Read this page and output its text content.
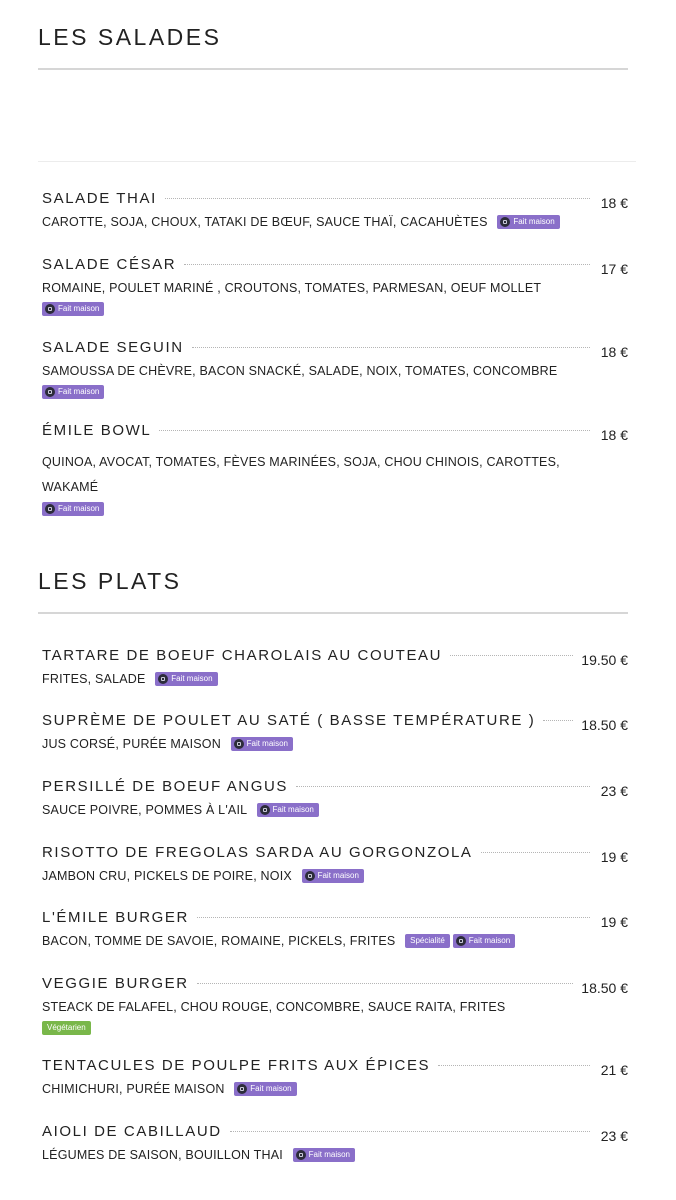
LES SALADES
SALADE THAI	18 €
CAROTTE, SOJA, CHOUX, TATAKI DE BŒUF, SAUCE THAÏ, CACAHUÈTES	Fait maison
SALADE CÉSAR	17 €
ROMAINE, POULET MARINÉ , CROUTONS, TOMATES, PARMESAN, OEUF MOLLET
Fait maison
SALADE SEGUIN	18 €
SAMOUSSA DE CHÈVRE, BACON SNACKÉ, SALADE, NOIX, TOMATES, CONCOMBRE
Fait maison
ÉMILE BOWL	18 €
QUINOA, AVOCAT, TOMATES, FÈVES MARINÉES, SOJA, CHOU CHINOIS, CAROTTES, WAKAMÉ
Fait maison
LES PLATS
TARTARE DE BOEUF CHAROLAIS AU COUTEAU	19.50 €
FRITES, SALADE	Fait maison
SUPRÈME DE POULET AU SATÉ ( BASSE TEMPÉRATURE )	18.50 €
JUS CORSÉ, PURÉE MAISON	Fait maison
PERSILLÉ DE BOEUF ANGUS	23 €
SAUCE POIVRE, POMMES À L'AIL	Fait maison
RISOTTO DE FREGOLAS SARDA AU GORGONZOLA	19 €
JAMBON CRU, PICKELS DE POIRE, NOIX	Fait maison
L'ÉMILE BURGER	19 €
BACON, TOMME DE SAVOIE, ROMAINE, PICKELS, FRITES Spécialité	Fait maison
VEGGIE BURGER	18.50 €
STEACK DE FALAFEL, CHOU ROUGE, CONCOMBRE, SAUCE RAITA, FRITES
Végétarien
TENTACULES DE POULPE FRITS AUX ÉPICES	21 €
CHIMICHURI, PURÉE MAISON	Fait maison
AIOLI DE CABILLAUD	23 €
LÉGUMES DE SAISON, BOUILLON THAI	Fait maison
